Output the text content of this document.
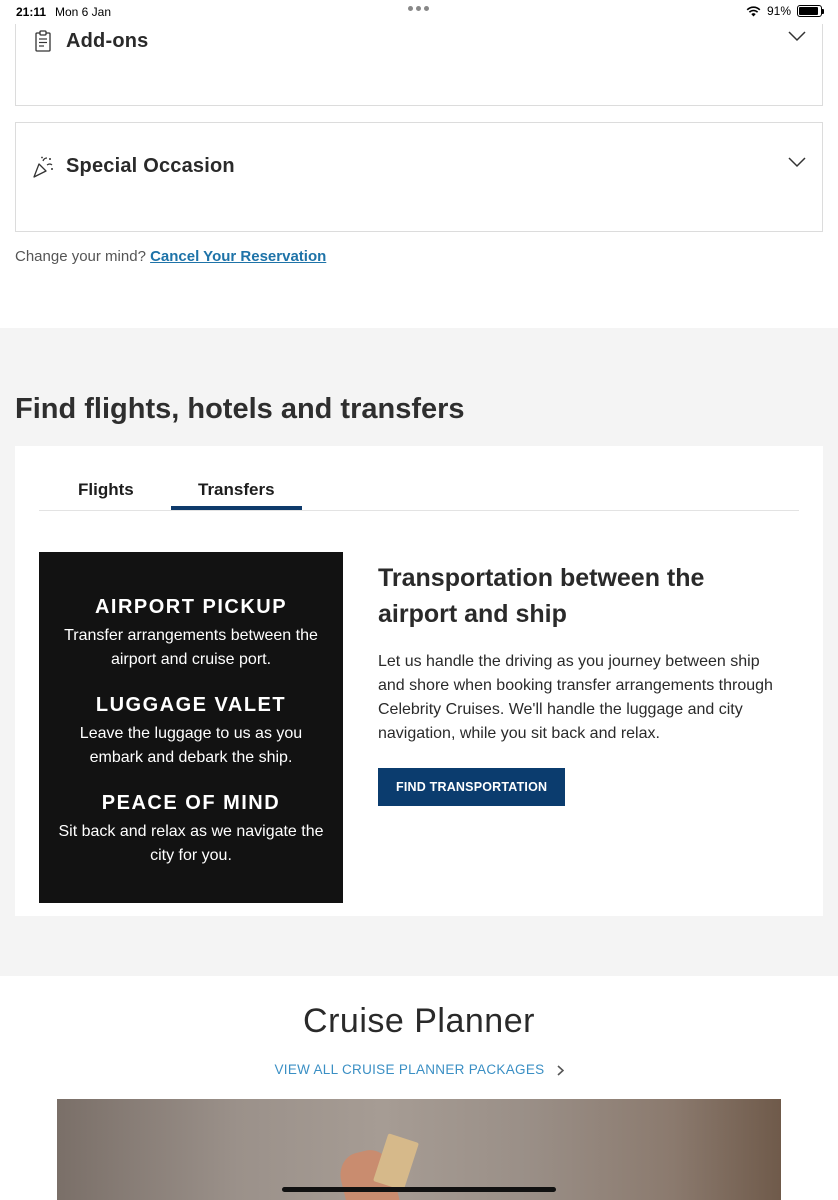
21:11 Mon 6 Jan	91%
Add-ons
Special Occasion
Change your mind? Cancel Your Reservation
Find flights, hotels and transfers
Flights	Transfers
AIRPORT PICKUP
Transfer arrangements between the airport and cruise port.
LUGGAGE VALET
Leave the luggage to us as you embark and debark the ship.
PEACE OF MIND
Sit back and relax as we navigate the city for you.
Transportation between the airport and ship

Let us handle the driving as you journey between ship and shore when booking transfer arrangements through Celebrity Cruises. We'll handle the luggage and city navigation, while you sit back and relax.

FIND TRANSPORTATION
Cruise Planner
VIEW ALL CRUISE PLANNER PACKAGES
